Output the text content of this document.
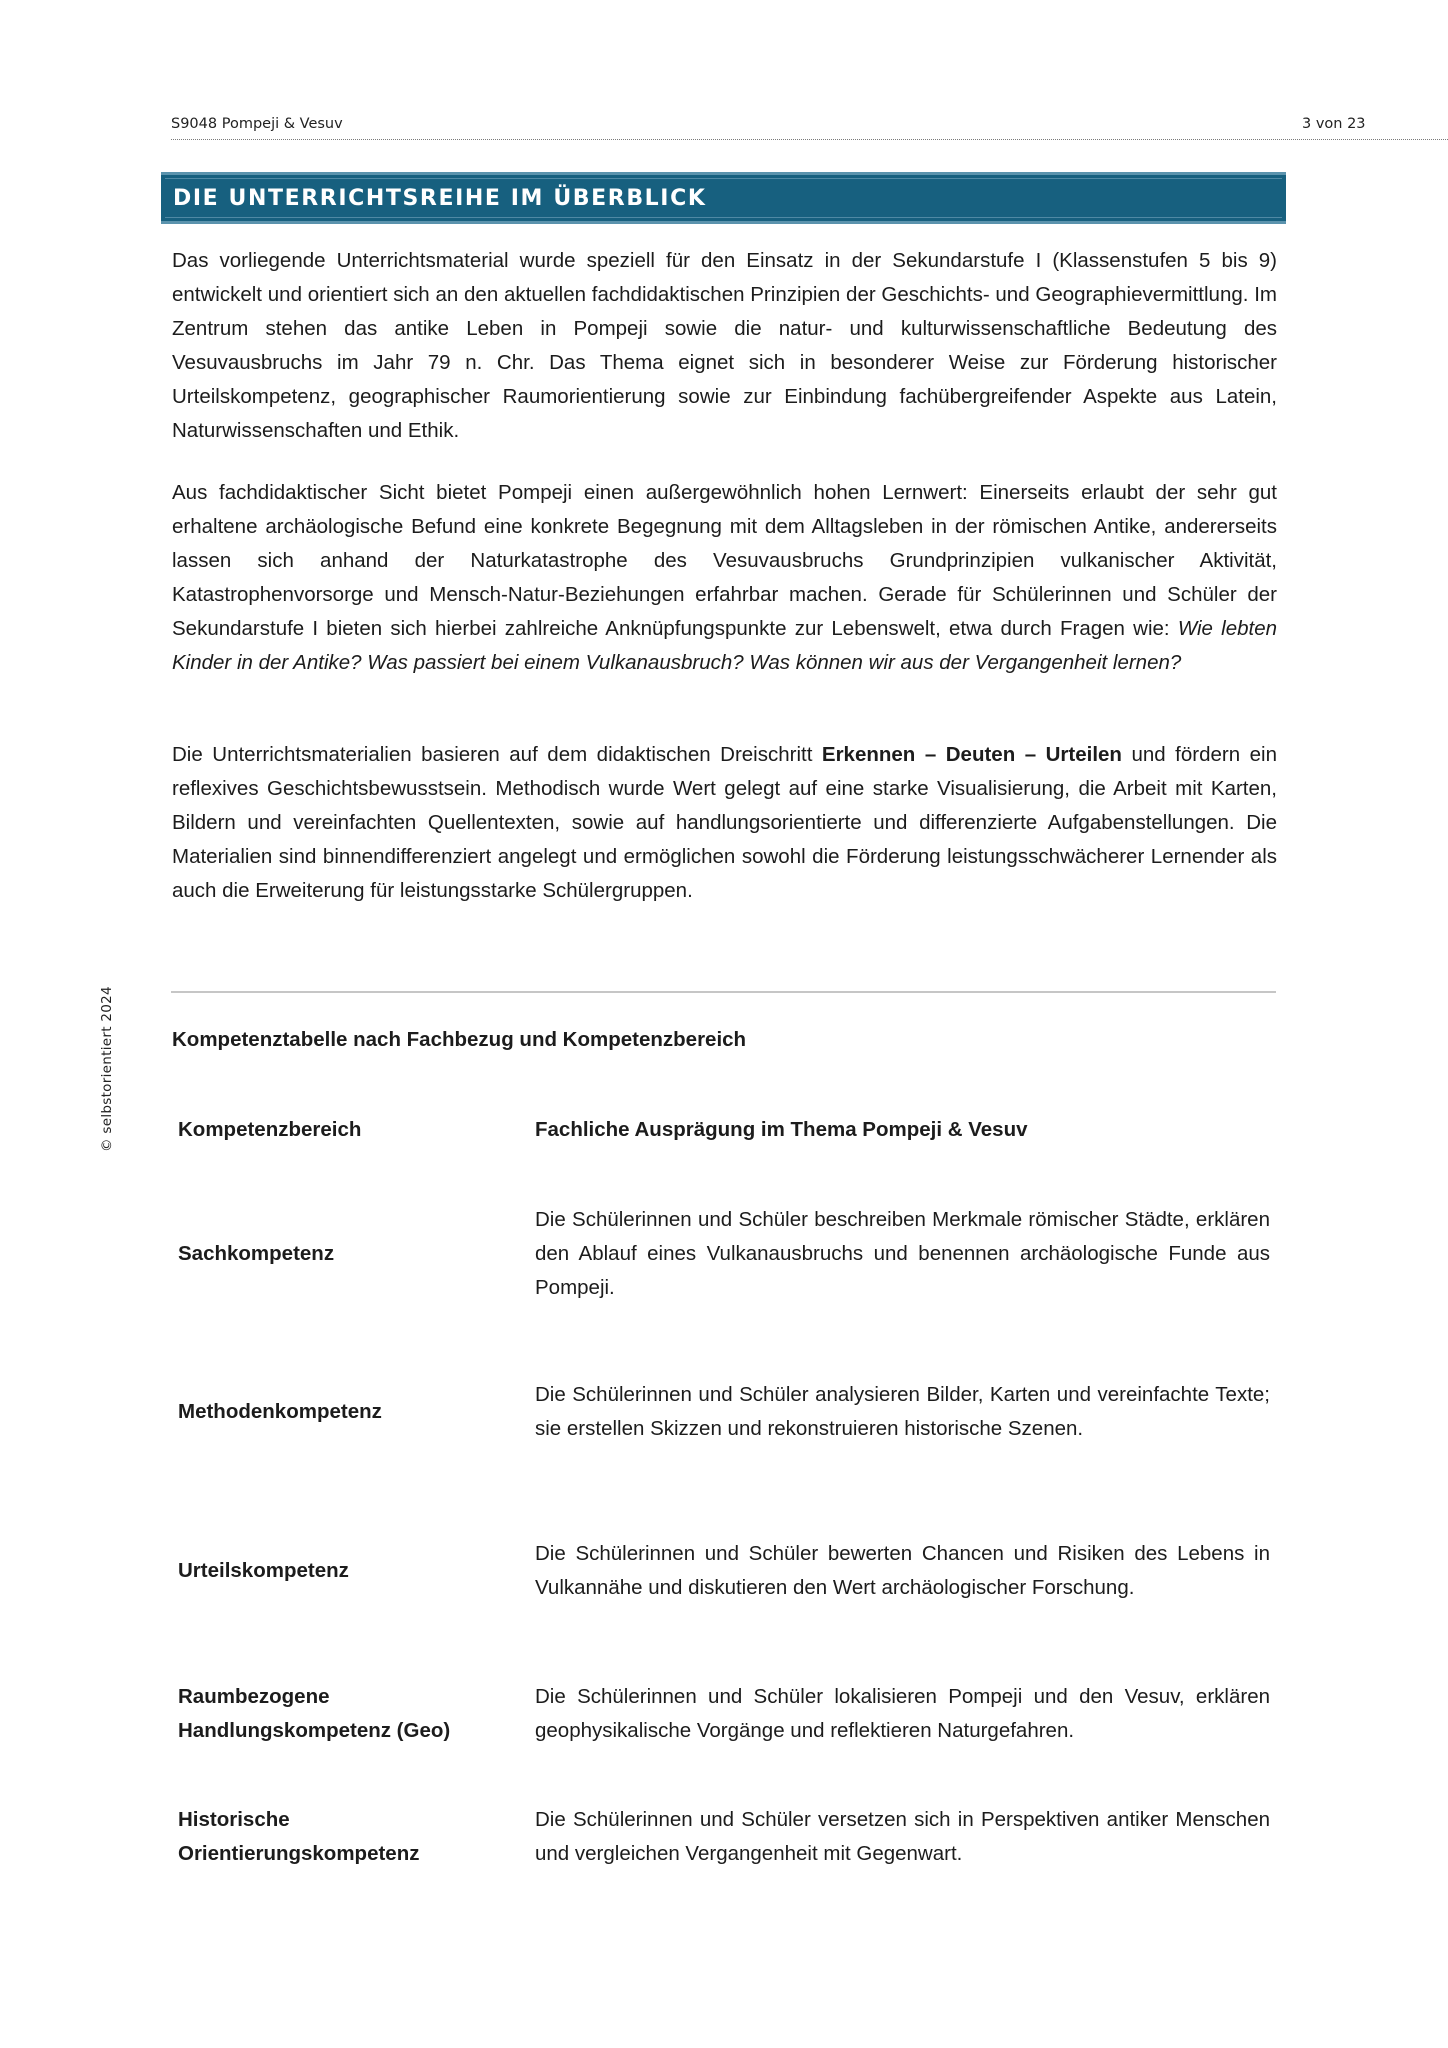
S9048 Pompeji & Vesuv	3 von 23
© selbstorientiert 2024
DIE UNTERRICHTSREIHE IM ÜBERBLICK

Das vorliegende Unterrichtsmaterial wurde speziell für den Einsatz in der Sekundarstufe I (Klassenstufen 5 bis 9) entwickelt und orientiert sich an den aktuellen fachdidaktischen Prinzipien der Geschichts- und Geographievermittlung. Im Zentrum stehen das antike Leben in Pompeji sowie die natur- und kulturwissenschaftliche Bedeutung des Vesuvausbruchs im Jahr 79 n. Chr. Das Thema eignet sich in besonderer Weise zur Förderung historischer Urteilskompetenz, geographischer Raumorientierung sowie zur Einbindung fachübergreifender Aspekte aus Latein, Naturwissenschaften und Ethik.

Aus fachdidaktischer Sicht bietet Pompeji einen außergewöhnlich hohen Lernwert: Einerseits erlaubt der sehr gut erhaltene archäologische Befund eine konkrete Begegnung mit dem Alltagsleben in der römischen Antike, andererseits lassen sich anhand der Naturkatastrophe des Vesuvausbruchs Grundprinzipien vulkanischer Aktivität, Katastrophenvorsorge und Mensch-Natur-Beziehungen erfahrbar machen. Gerade für Schülerinnen und Schüler der Sekundarstufe I bieten sich hierbei zahlreiche Anknüpfungspunkte zur Lebenswelt, etwa durch Fragen wie: Wie lebten Kinder in der Antike? Was passiert bei einem Vulkanausbruch? Was können wir aus der Vergangenheit lernen?

Die Unterrichtsmaterialien basieren auf dem didaktischen Dreischritt Erkennen – Deuten – Urteilen und fördern ein reflexives Geschichtsbewusstsein. Methodisch wurde Wert gelegt auf eine starke Visualisierung, die Arbeit mit Karten, Bildern und vereinfachten Quellentexten, sowie auf handlungsorientierte und differenzierte Aufgabenstellungen. Die Materialien sind binnendifferenziert angelegt und ermöglichen sowohl die Förderung leistungsschwächerer Lernender als auch die Erweiterung für leistungsstarke Schülergruppen.

Kompetenztabelle nach Fachbezug und Kompetenzbereich
Kompetenzbereich	Fachliche Ausprägung im Thema Pompeji & Vesuv
Sachkompetenz
Die Schülerinnen und Schüler beschreiben Merkmale römischer Städte, erklären den Ablauf eines Vulkanausbruchs und benennen archäologische Funde aus Pompeji.
Methodenkompetenz
Die Schülerinnen und Schüler analysieren Bilder, Karten und vereinfachte Texte; sie erstellen Skizzen und rekonstruieren historische Szenen.
Urteilskompetenz
Die Schülerinnen und Schüler bewerten Chancen und Risiken des Lebens in Vulkannähe und diskutieren den Wert archäologischer Forschung.
Raumbezogene Handlungskompetenz (Geo)
Die Schülerinnen und Schüler lokalisieren Pompeji und den Vesuv, erklären geophysikalische Vorgänge und reflektieren Naturgefahren.
Historische Orientierungskompetenz
Die Schülerinnen und Schüler versetzen sich in Perspektiven antiker Menschen und vergleichen Vergangenheit mit Gegenwart.
